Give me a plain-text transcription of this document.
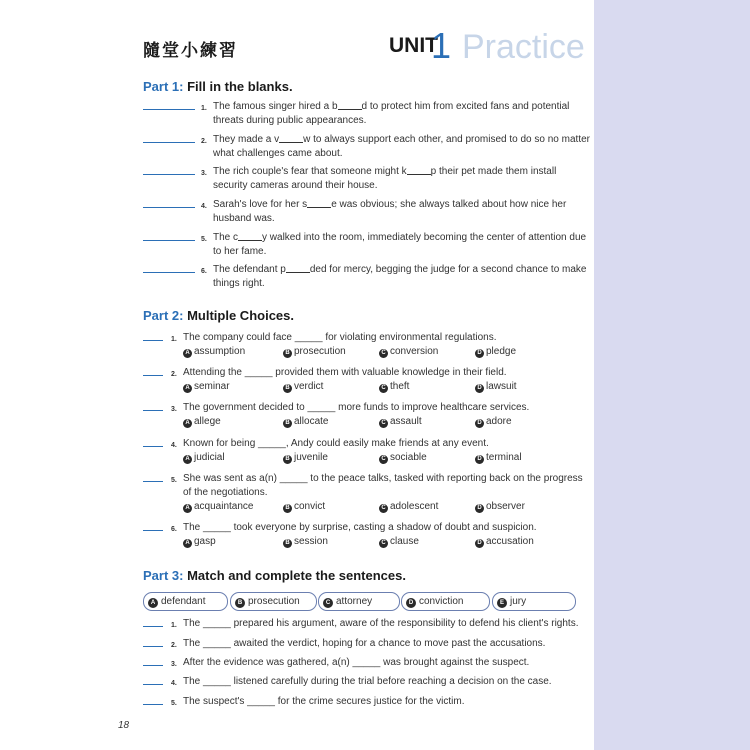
隨堂小練習	UNIT
1 Practice
Part 1: Fill in the blanks.
1. The famous singer hired a b d to protect him from excited fans and potential threats during public appearances.
2. They made a v w to always support each other, and promised to do so no matter what challenges came about.
3. The rich couple's fear that someone might k p their pet made them install security cameras around their house.
4. Sarah's love for her s e was obvious; she always talked about how nice her husband was.
5. The c y walked into the room, immediately becoming the center of attention due to her fame.
6. The defendant p ded for mercy, begging the judge for a second chance to make things right.
Part 2: Multiple Choices.
1. The company could face _____ for violating environmental regulations.
A assumption	B prosecution	C conversion	D pledge
2. Attending the _____ provided them with valuable knowledge in their field.
A seminar	B verdict	C theft	D lawsuit
3. The government decided to _____ more funds to improve healthcare services.
A allege	B allocate	C assault	D adore
4. Known for being _____, Andy could easily make friends at any event.
A judicial	B juvenile	C sociable	D terminal
5. She was sent as a(n) _____ to the peace talks, tasked with reporting back on the progress of the negotiations.
A acquaintance	B convict	C adolescent	D observer
6. The _____ took everyone by surprise, casting a shadow of doubt and suspicion.
A gasp	B session	C clause	D accusation
Part 3: Match and complete the sentences.
A defendant	B prosecution	C attorney	D conviction	E jury
1. The _____ prepared his argument, aware of the responsibility to defend his client's rights.
2. The _____ awaited the verdict, hoping for a chance to move past the accusations.
3. After the evidence was gathered, a(n) _____ was brought against the suspect.
4. The _____ listened carefully during the trial before reaching a decision on the case.
5. The suspect's _____ for the crime secures justice for the victim.
18
